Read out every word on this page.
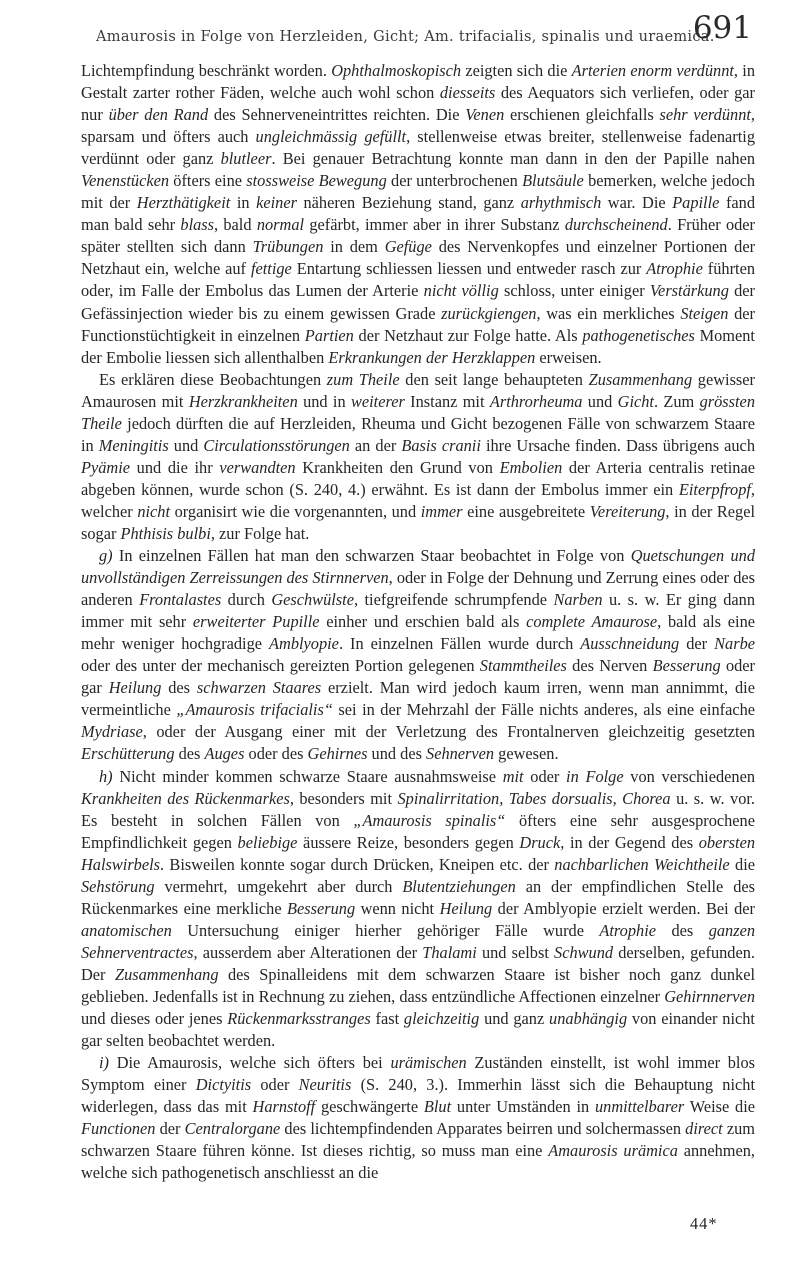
Amaurosis in Folge von Herzleiden, Gicht; Am. trifacialis, spinalis und uraemica.
691

Lichtempfindung beschränkt worden. Ophthalmoskopisch zeigten sich die Arterien enorm verdünnt, in Gestalt zarter rother Fäden, welche auch wohl schon diesseits des Aequators sich verliefen, oder gar nur über den Rand des Sehnerveneintrittes reichten. Die Venen erschienen gleichfalls sehr verdünnt, sparsam und öfters auch ungleichmässig gefüllt, stellenweise etwas breiter, stellenweise fadenartig verdünnt oder ganz blutleer. Bei genauer Betrachtung konnte man dann in den der Papille nahen Venenstücken öfters eine stossweise Bewegung der unterbrochenen Blutsäule bemerken, welche jedoch mit der Herzthätigkeit in keiner näheren Beziehung stand, ganz arhythmisch war. Die Papille fand man bald sehr blass, bald normal gefärbt, immer aber in ihrer Substanz durchscheinend. Früher oder später stellten sich dann Trübungen in dem Gefüge des Nervenkopfes und einzelner Portionen der Netzhaut ein, welche auf fettige Entartung schliessen liessen und entweder rasch zur Atrophie führten oder, im Falle der Embolus das Lumen der Arterie nicht völlig schloss, unter einiger Verstärkung der Gefässinjection wieder bis zu einem gewissen Grade zurückgiengen, was ein merkliches Steigen der Functionstüchtigkeit in einzelnen Partien der Netzhaut zur Folge hatte. Als pathogenetisches Moment der Embolie liessen sich allenthalben Erkrankungen der Herzklappen erweisen.

Es erklären diese Beobachtungen zum Theile den seit lange behaupteten Zusammenhang gewisser Amaurosen mit Herzkrankheiten und in weiterer Instanz mit Arthrorheuma und Gicht. Zum grössten Theile jedoch dürften die auf Herzleiden, Rheuma und Gicht bezogenen Fälle von schwarzem Staare in Meningitis und Circulationsstörungen an der Basis cranii ihre Ursache finden. Dass übrigens auch Pyämie und die ihr verwandten Krankheiten den Grund von Embolien der Arteria centralis retinae abgeben können, wurde schon (S. 240, 4.) erwähnt. Es ist dann der Embolus immer ein Eiterpfropf, welcher nicht organisirt wie die vorgenannten, und immer eine ausgebreitete Vereiterung, in der Regel sogar Phthisis bulbi, zur Folge hat.

g) In einzelnen Fällen hat man den schwarzen Staar beobachtet in Folge von Quetschungen und unvollständigen Zerreissungen des Stirnnerven, oder in Folge der Dehnung und Zerrung eines oder des anderen Frontalastes durch Geschwülste, tiefgreifende schrumpfende Narben u. s. w. Er ging dann immer mit sehr erweiterter Pupille einher und erschien bald als complete Amaurose, bald als eine mehr weniger hochgradige Amblyopie. In einzelnen Fällen wurde durch Ausschneidung der Narbe oder des unter der mechanisch gereizten Portion gelegenen Stammtheiles des Nerven Besserung oder gar Heilung des schwarzen Staares erzielt. Man wird jedoch kaum irren, wenn man annimmt, die vermeintliche „Amaurosis trifacialis“ sei in der Mehrzahl der Fälle nichts anderes, als eine einfache Mydriase, oder der Ausgang einer mit der Verletzung des Frontalnerven gleichzeitig gesetzten Erschütterung des Auges oder des Gehirnes und des Sehnerven gewesen.

h) Nicht minder kommen schwarze Staare ausnahmsweise mit oder in Folge von verschiedenen Krankheiten des Rückenmarkes, besonders mit Spinalirritation, Tabes dorsualis, Chorea u. s. w. vor. Es besteht in solchen Fällen von „Amaurosis spinalis“ öfters eine sehr ausgesprochene Empfindlichkeit gegen beliebige äussere Reize, besonders gegen Druck, in der Gegend des obersten Halswirbels. Bisweilen konnte sogar durch Drücken, Kneipen etc. der nachbarlichen Weichtheile die Sehstörung vermehrt, umgekehrt aber durch Blutentziehungen an der empfindlichen Stelle des Rückenmarkes eine merkliche Besserung wenn nicht Heilung der Amblyopie erzielt werden. Bei der anatomischen Untersuchung einiger hierher gehöriger Fälle wurde Atrophie des ganzen Sehnerventractes, ausserdem aber Alterationen der Thalami und selbst Schwund derselben, gefunden. Der Zusammenhang des Spinalleidens mit dem schwarzen Staare ist bisher noch ganz dunkel geblieben. Jedenfalls ist in Rechnung zu ziehen, dass entzündliche Affectionen einzelner Gehirnnerven und dieses oder jenes Rückenmarksstranges fast gleichzeitig und ganz unabhängig von einander nicht gar selten beobachtet werden.

i) Die Amaurosis, welche sich öfters bei urämischen Zuständen einstellt, ist wohl immer blos Symptom einer Dictyitis oder Neuritis (S. 240, 3.). Immerhin lässt sich die Behauptung nicht widerlegen, dass das mit Harnstoff geschwängerte Blut unter Umständen in unmittelbarer Weise die Functionen der Centralorgane des lichtempfindenden Apparates beirren und solchermassen direct zum schwarzen Staare führen könne. Ist dieses richtig, so muss man eine Amaurosis urämica annehmen, welche sich pathogenetisch anschliesst an die

44*
